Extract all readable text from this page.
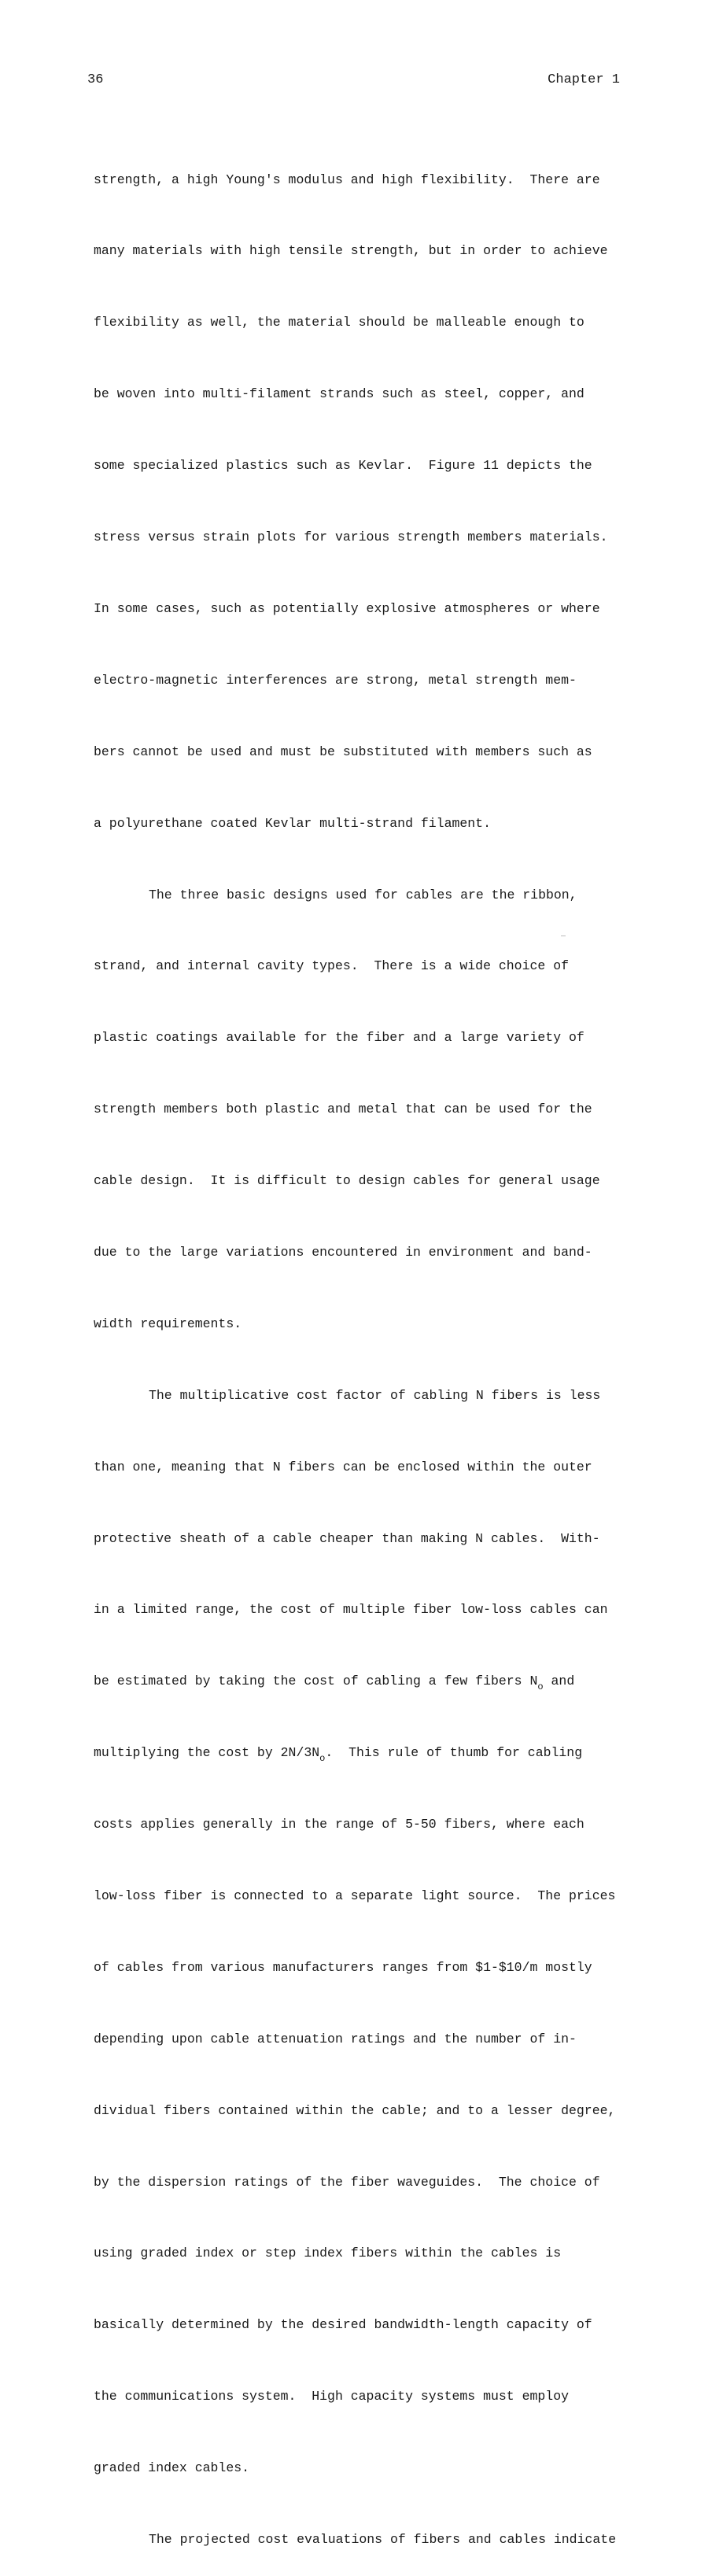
36	Chapter 1

strength, a high Young's modulus and high flexibility.  There are

many materials with high tensile strength, but in order to achieve

flexibility as well, the material should be malleable enough to

be woven into multi-filament strands such as steel, copper, and

some specialized plastics such as Kevlar.  Figure 11 depicts the

stress versus strain plots for various strength members materials.

In some cases, such as potentially explosive atmospheres or where

electro-magnetic interferences are strong, metal strength mem-

bers cannot be used and must be substituted with members such as

a polyurethane coated Kevlar multi-strand filament.

The three basic designs used for cables are the ribbon,

strand, and internal cavity types.  There is a wide choice of

plastic coatings available for the fiber and a large variety of

strength members both plastic and metal that can be used for the

cable design.  It is difficult to design cables for general usage

due to the large variations encountered in environment and band-

width requirements.

The multiplicative cost factor of cabling N fibers is less

than one, meaning that N fibers can be enclosed within the outer

protective sheath of a cable cheaper than making N cables.  With-

in a limited range, the cost of multiple fiber low-loss cables can

be estimated by taking the cost of cabling a few fibers $N_o$ and

multiplying the cost by $2N/3N_o$.  This rule of thumb for cabling

costs applies generally in the range of 5-50 fibers, where each

low-loss fiber is connected to a separate light source.  The prices

of cables from various manufacturers ranges from $1-$10/m mostly

depending upon cable attenuation ratings and the number of in-

dividual fibers contained within the cable; and to a lesser degree,

by the dispersion ratings of the fiber waveguides.  The choice of

using graded index or step index fibers within the cables is

basically determined by the desired bandwidth-length capacity of

the communications system.  High capacity systems must employ

graded index cables.

The projected cost evaluations of fibers and cables indicate
